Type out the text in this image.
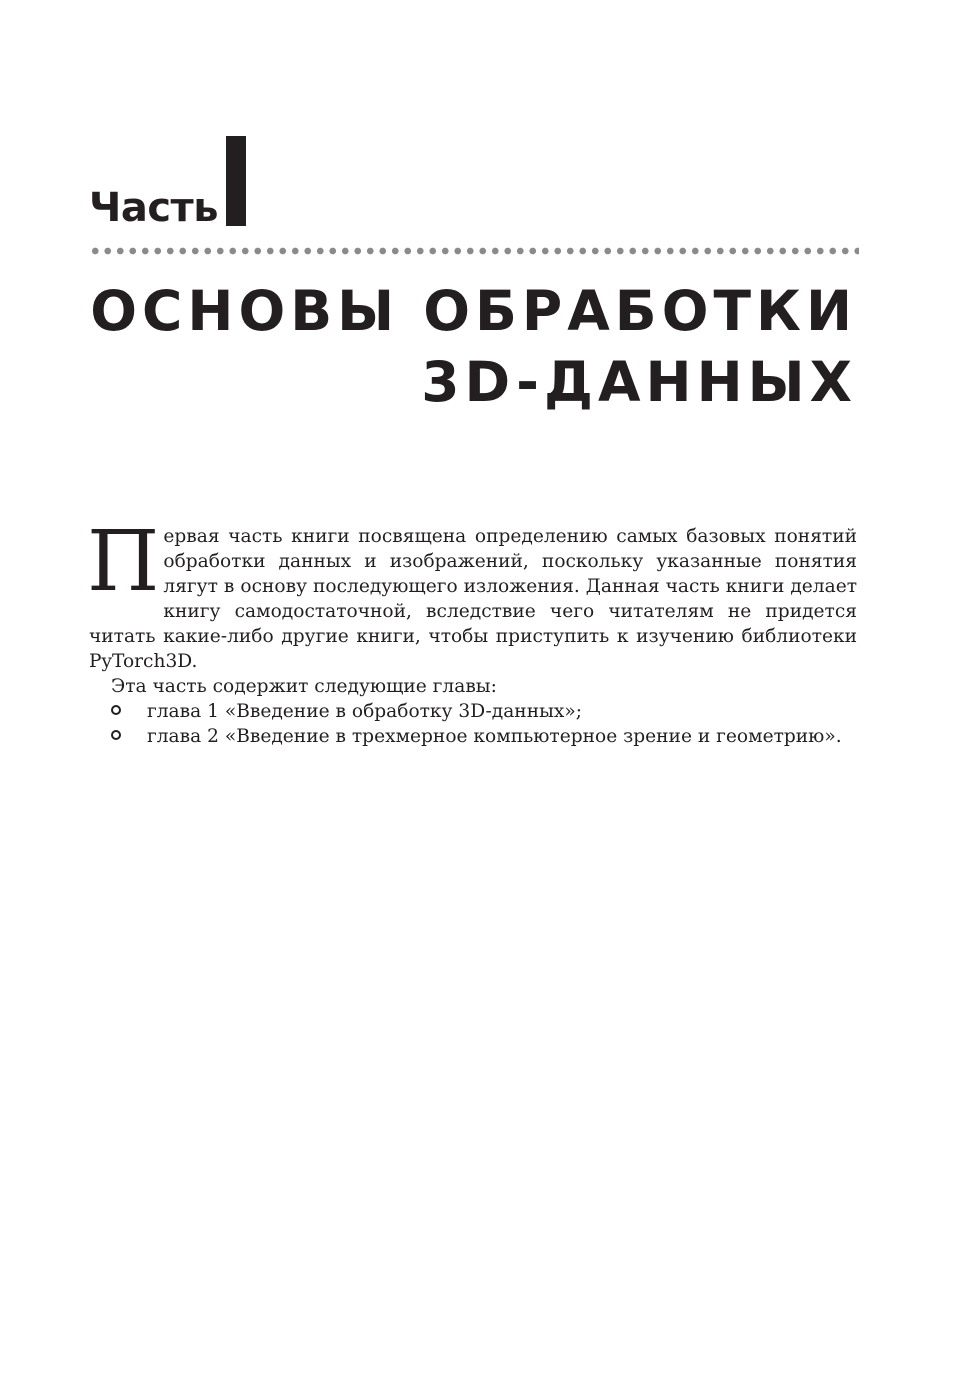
Часть
ОСНОВЫ ОБРАБОТКИ
3D-ДАННЫХ

Первая часть книги посвящена определению самых базовых понятий обработки данных и изображений, поскольку указанные понятия лягут в основу последующего изложения. Данная часть книги делает книгу самодостаточной, вследствие чего читателям не придется читать какие-либо другие книги, чтобы приступить к изучению библиотеки PyTorch3D.

Эта часть содержит следующие главы:

глава 1 «Введение в обработку 3D-данных»;
глава 2 «Введение в трехмерное компьютерное зрение и геометрию».
